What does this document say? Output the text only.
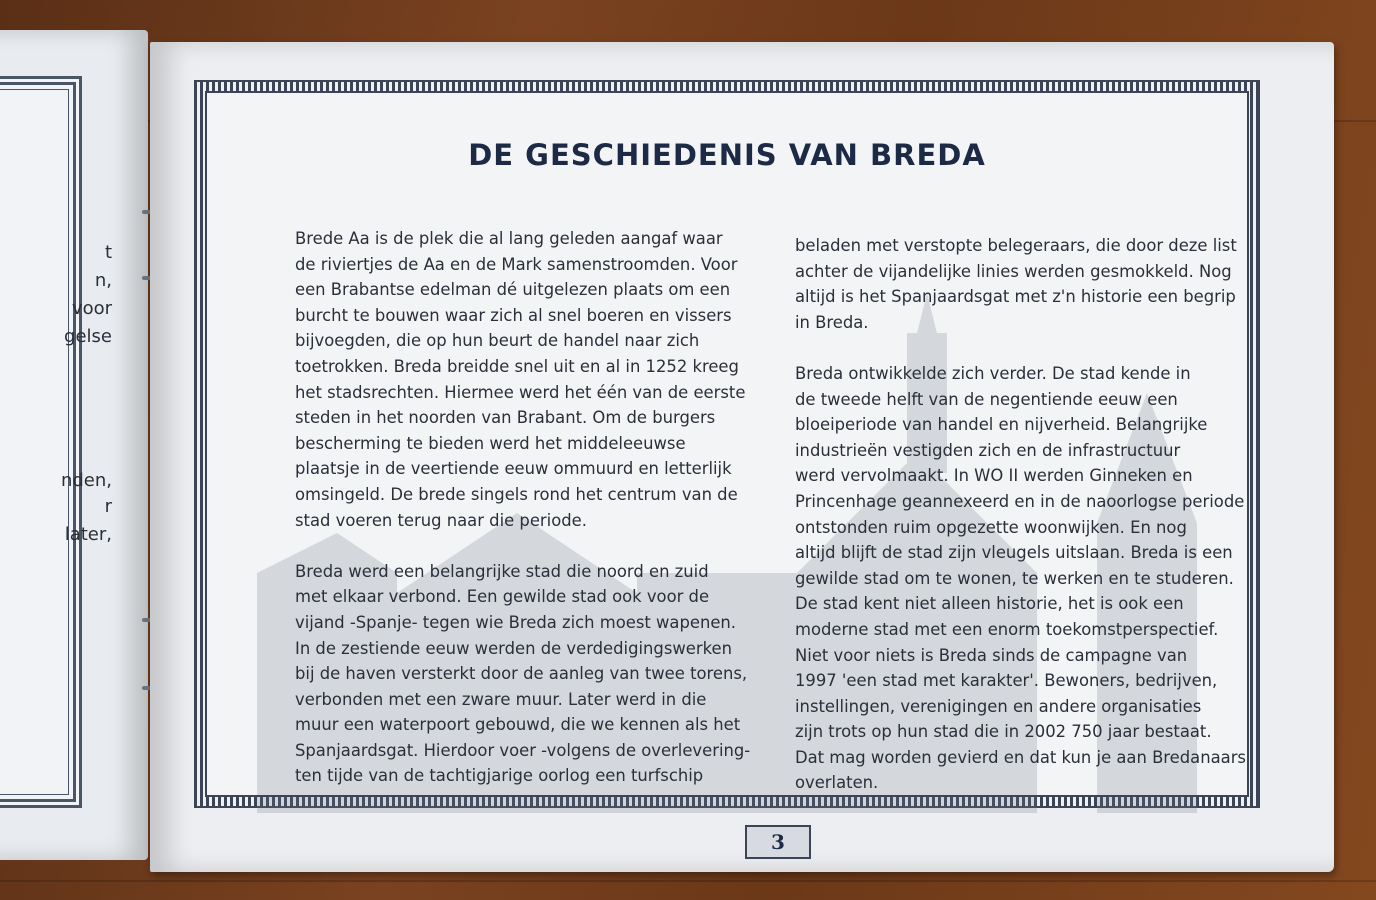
t
n,
voor
gelse
nden,
r
later,
DE GESCHIEDENIS VAN BREDA

Brede Aa is de plek die al lang geleden aangaf waar
de riviertjes de Aa en de Mark samenstroomden. Voor
een Brabantse edelman dé uitgelezen plaats om een
burcht te bouwen waar zich al snel boeren en vissers
bijvoegden, die op hun beurt de handel naar zich
toetrokken. Breda breidde snel uit en al in 1252 kreeg
het stadsrechten. Hiermee werd het één van de eerste
steden in het noorden van Brabant. Om de burgers
bescherming te bieden werd het middeleeuwse
plaatsje in de veertiende eeuw ommuurd en letterlijk
omsingeld. De brede singels rond het centrum van de
stad voeren terug naar die periode.

Breda werd een belangrijke stad die noord en zuid
met elkaar verbond. Een gewilde stad ook voor de
vijand -Spanje- tegen wie Breda zich moest wapenen.
In de zestiende eeuw werden de verdedigingswerken
bij de haven versterkt door de aanleg van twee torens,
verbonden met een zware muur. Later werd in die
muur een waterpoort gebouwd, die we kennen als het
Spanjaardsgat. Hierdoor voer -volgens de overlevering-
ten tijde van de tachtigjarige oorlog een turfschip

beladen met verstopte belegeraars, die door deze list
achter de vijandelijke linies werden gesmokkeld. Nog
altijd is het Spanjaardsgat met z'n historie een begrip
in Breda.

Breda ontwikkelde zich verder. De stad kende in
de tweede helft van de negentiende eeuw een
bloeiperiode van handel en nijverheid. Belangrijke
industrieën vestigden zich en de infrastructuur
werd vervolmaakt. In WO II werden Ginneken en
Princenhage geannexeerd en in de naoorlogse periode
ontstonden ruim opgezette woonwijken. En nog
altijd blijft de stad zijn vleugels uitslaan. Breda is een
gewilde stad om te wonen, te werken en te studeren.
De stad kent niet alleen historie, het is ook een
moderne stad met een enorm toekomstperspectief.
Niet voor niets is Breda sinds de campagne van
1997 'een stad met karakter'. Bewoners, bedrijven,
instellingen, verenigingen en andere organisaties
zijn trots op hun stad die in 2002 750 jaar bestaat.
Dat mag worden gevierd en dat kun je aan Bredanaars
overlaten.

3
